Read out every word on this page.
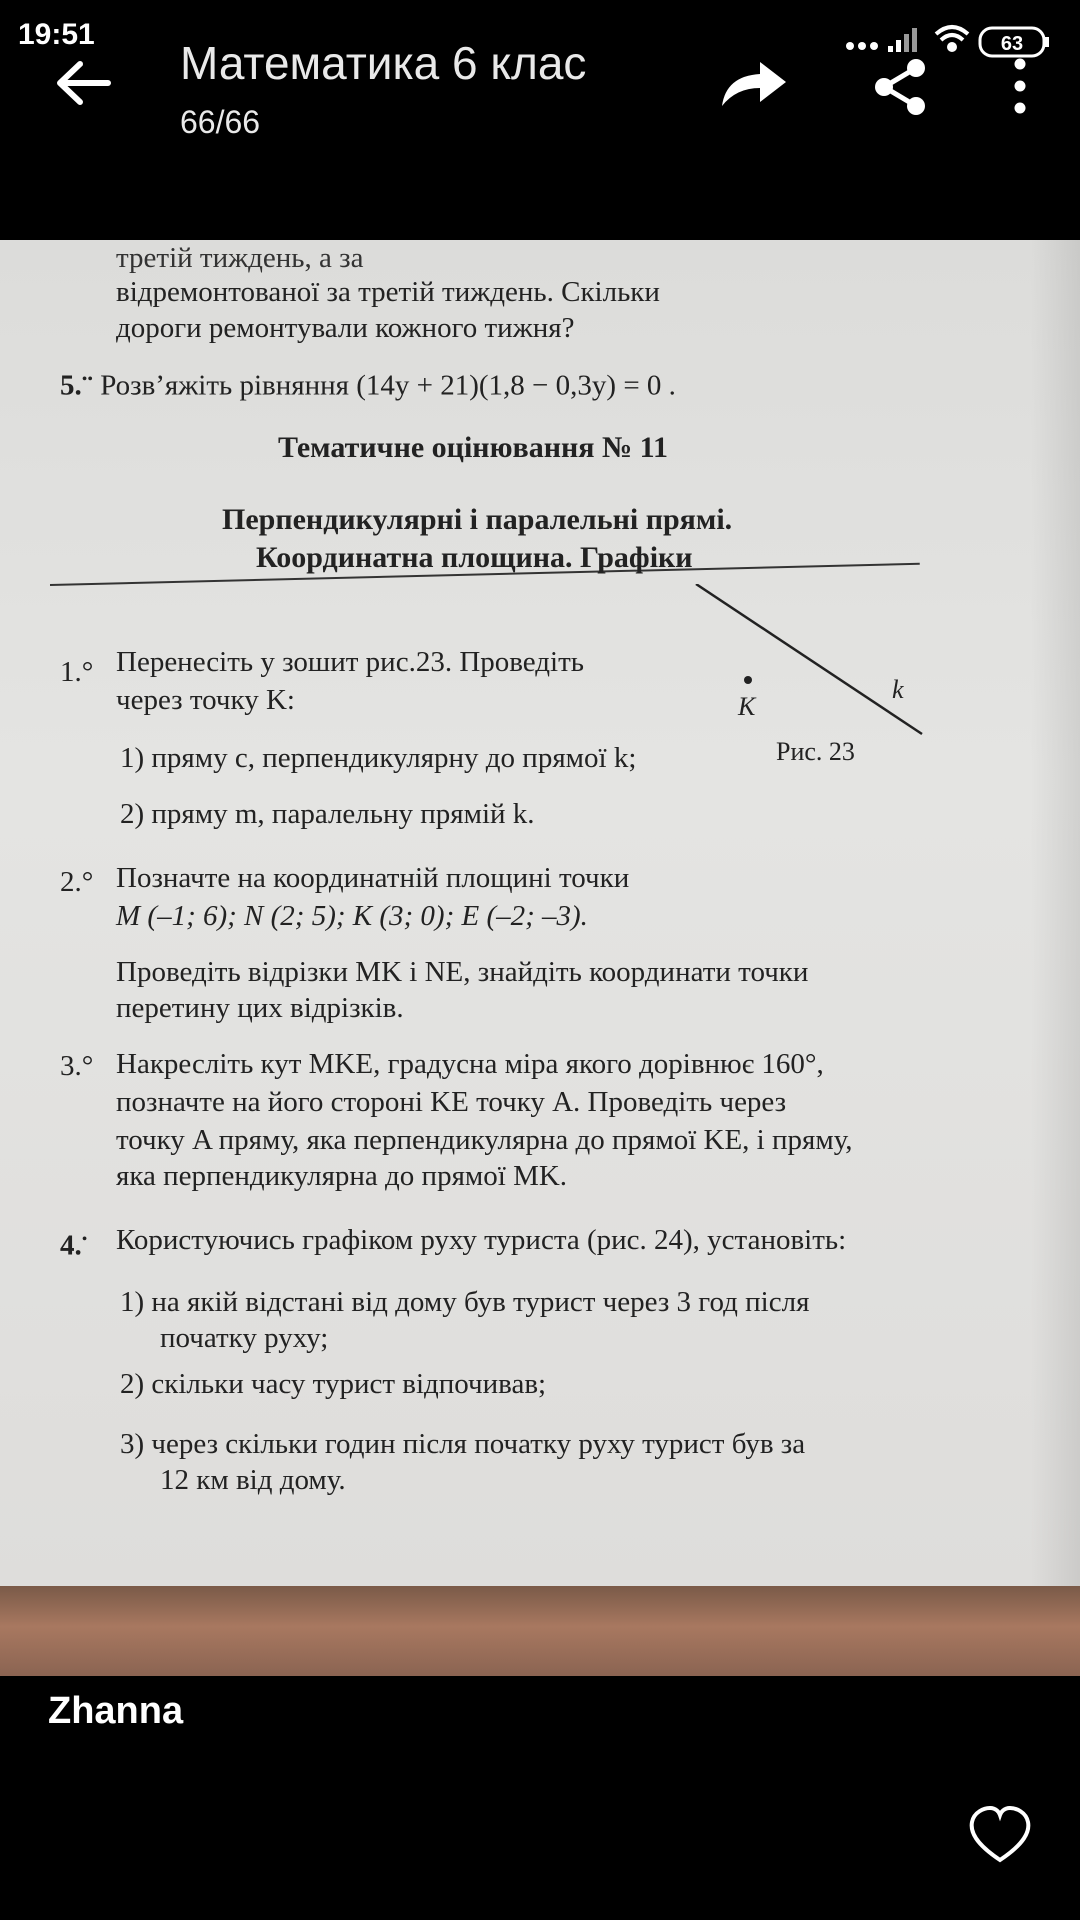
19:51	63
Математика 6 клас
66/66
третій тиждень, а за
відремонтованої за третій тиждень. Скільки
дороги ремонтували кожного тижня?
5.•• Розв’яжіть рівняння (14y + 21)(1,8 − 0,3y) = 0 .
Тематичне оцінювання № 11
Перпендикулярні і паралельні прямі.
Координатна площина. Графіки
1.° Перенесіть у зошит рис.23. Проведіть
через точку K:
1) пряму c, перпендикулярну до прямої k;
2) пряму m, паралельну прямій k.
K
k
Рис. 23
2.° Позначте на координатній площині точки
M (–1; 6); N (2; 5); K (3; 0); E (–2; –3).
Проведіть відрізки MK і NE, знайдіть координати точки
перетину цих відрізків.
3.° Накресліть кут MKE, градусна міра якого дорівнює 160°,
позначте на його стороні KE точку A. Проведіть через
точку A пряму, яка перпендикулярна до прямої KE, і пряму,
яка перпендикулярна до прямої MK.
4.• Користуючись графіком руху туриста (рис. 24), установіть:
1) на якій відстані від дому був турист через 3 год після
початку руху;
2) скільки часу турист відпочивав;
3) через скільки годин після початку руху турист був за
12 км від дому.
Zhanna
